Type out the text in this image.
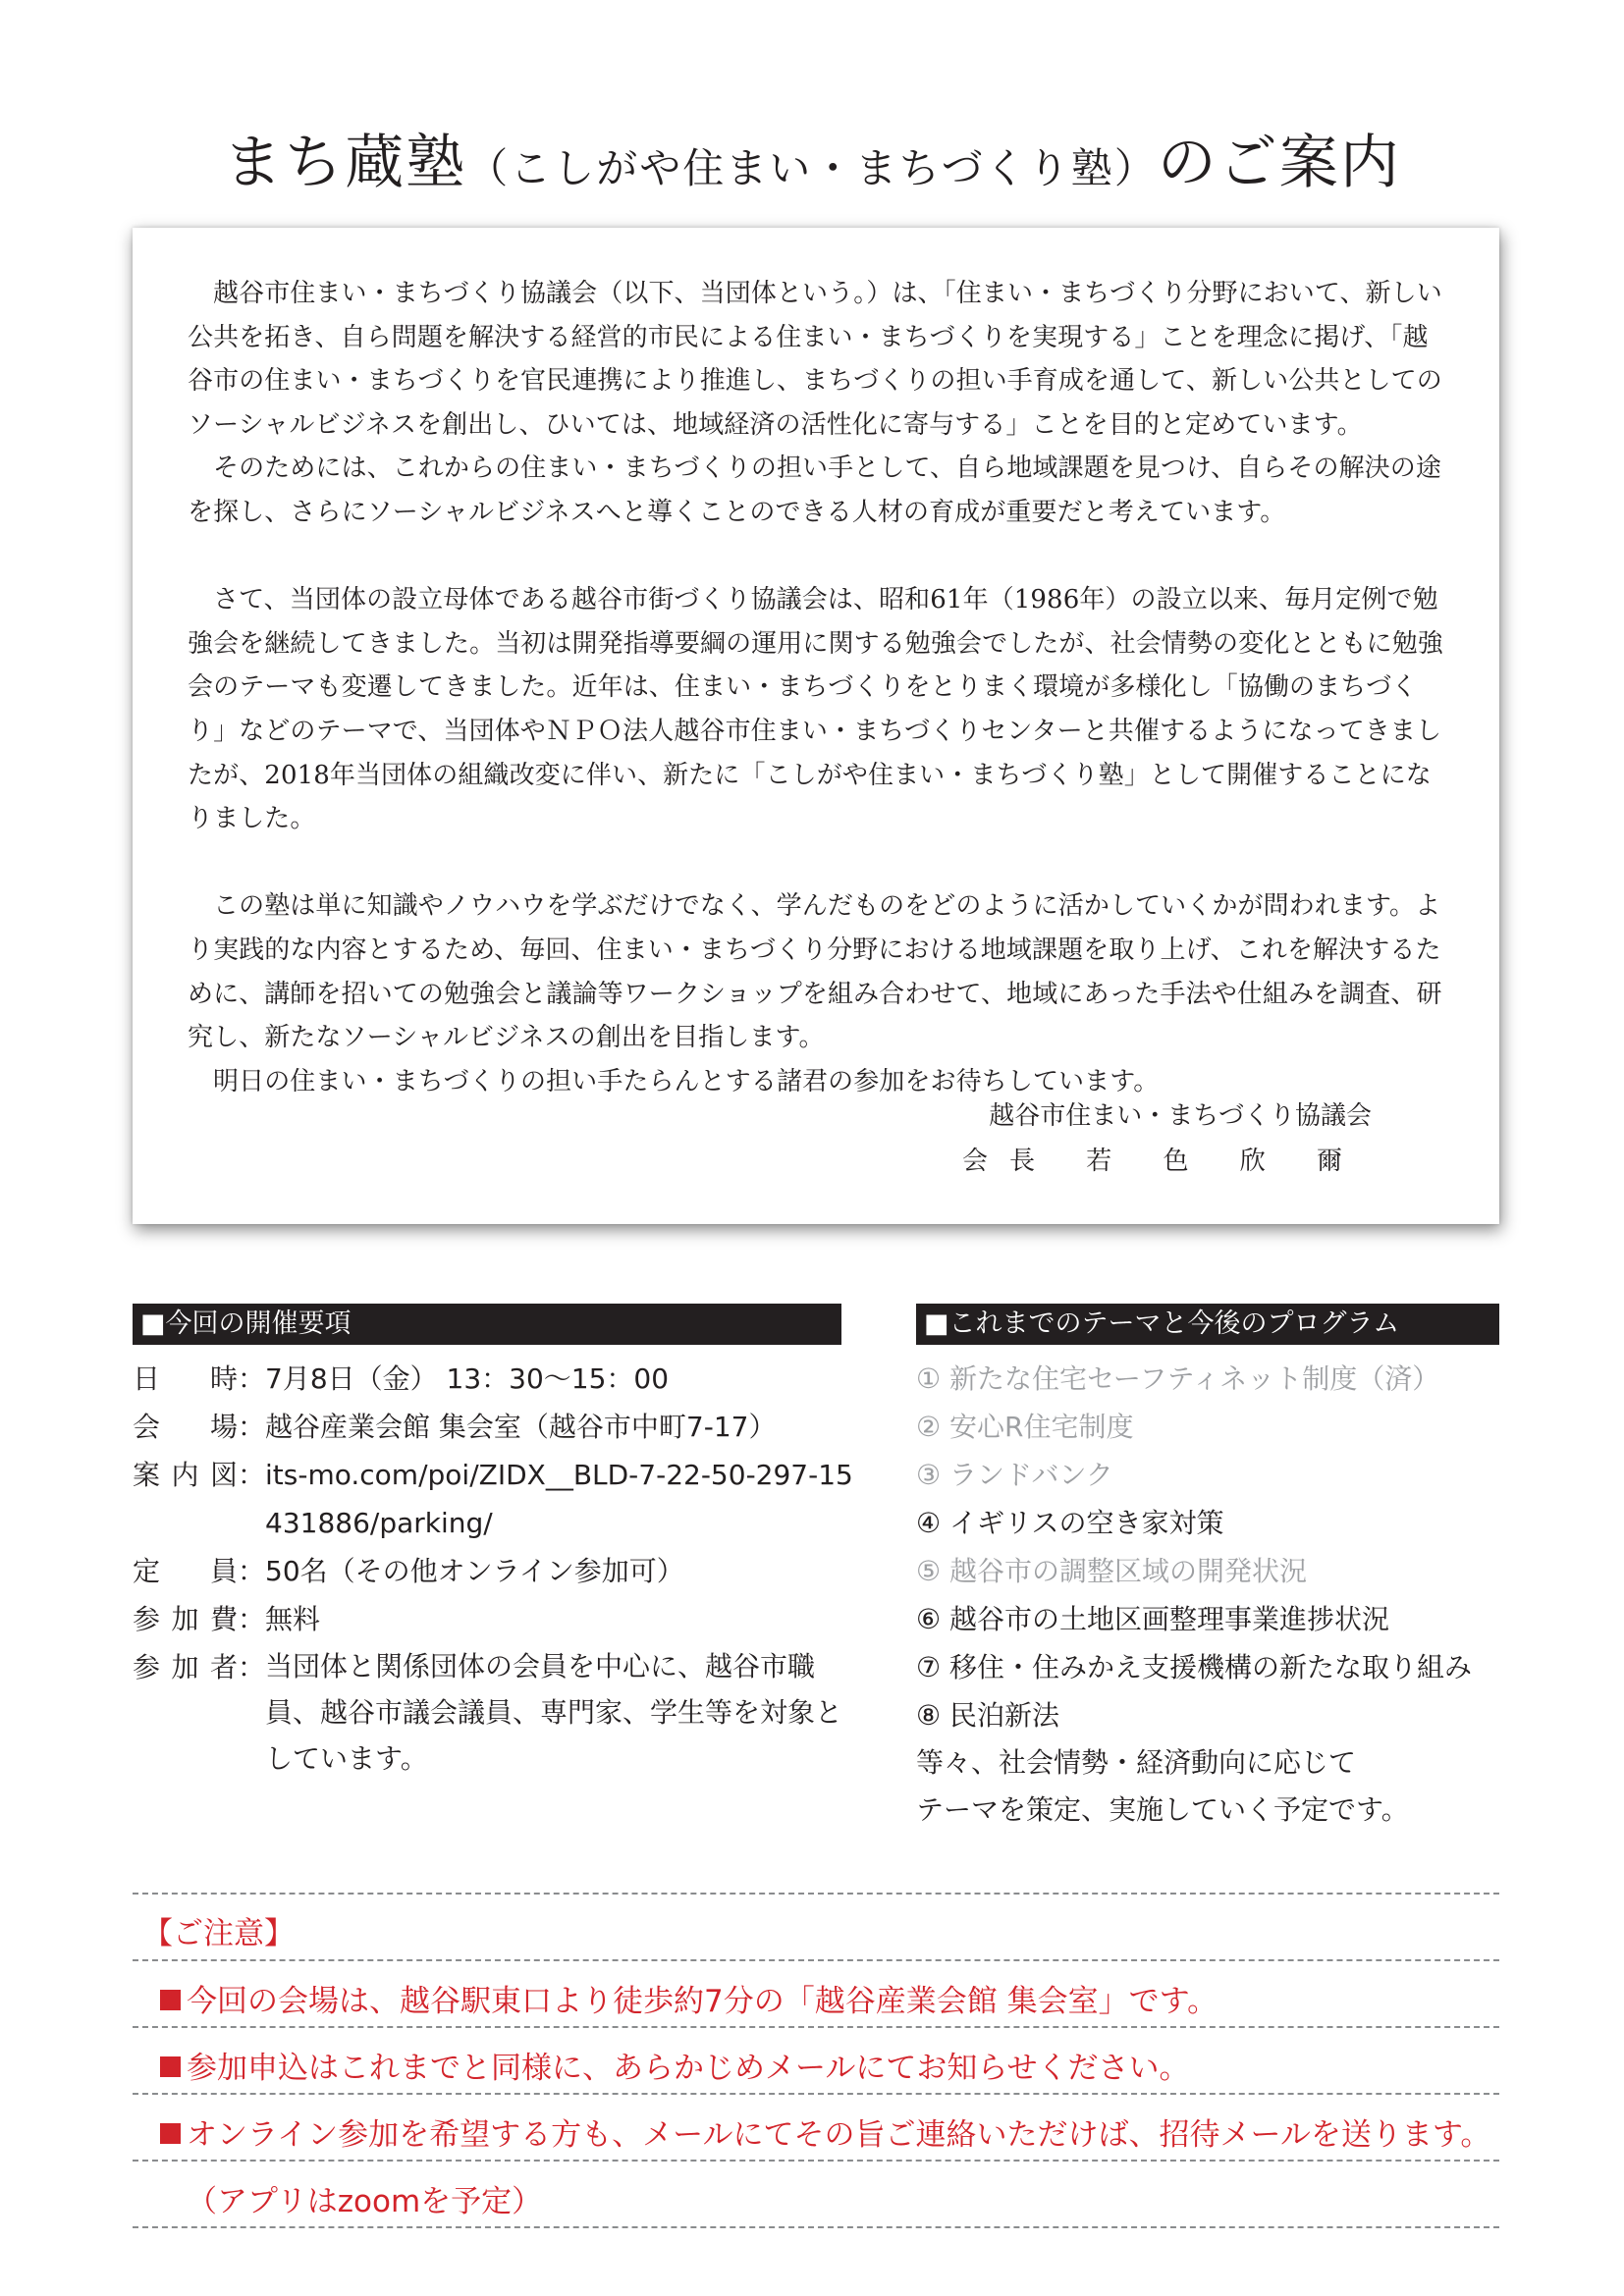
まち蔵塾（こしがや住まい・まちづくり塾）のご案内

越谷市住まい・まちづくり協議会（以下、当団体という。）は、「住まい・まちづくり分野において、新しい公共を拓き、自ら問題を解決する経営的市民による住まい・まちづくりを実現する」ことを理念に掲げ、「越谷市の住まい・まちづくりを官民連携により推進し、まちづくりの担い手育成を通して、新しい公共としてのソーシャルビジネスを創出し、ひいては、地域経済の活性化に寄与する」ことを目的と定めています。

そのためには、これからの住まい・まちづくりの担い手として、自ら地域課題を見つけ、自らその解決の途を探し、さらにソーシャルビジネスへと導くことのできる人材の育成が重要だと考えています。

さて、当団体の設立母体である越谷市街づくり協議会は、昭和61年（1986年）の設立以来、毎月定例で勉強会を継続してきました。当初は開発指導要綱の運用に関する勉強会でしたが、社会情勢の変化とともに勉強会のテーマも変遷してきました。近年は、住まい・まちづくりをとりまく環境が多様化し「協働のまちづくり」などのテーマで、当団体やＮＰＯ法人越谷市住まい・まちづくりセンターと共催するようになってきましたが、2018年当団体の組織改変に伴い、新たに「こしがや住まい・まちづくり塾」として開催することになりました。

この塾は単に知識やノウハウを学ぶだけでなく、学んだものをどのように活かしていくかが問われます。より実践的な内容とするため、毎回、住まい・まちづくり分野における地域課題を取り上げ、これを解決するために、講師を招いての勉強会と議論等ワークショップを組み合わせて、地域にあった手法や仕組みを調査、研究し、新たなソーシャルビジネスの創出を目指します。

明日の住まい・まちづくりの担い手たらんとする諸君の参加をお待ちしています。

越谷市住まい・まちづくり協議会
会長 若 色 欣 爾
■今回の開催要項	■これまでのテーマと今後のプログラム
日時 ： 7月8日（金） 13：30～15：00
会場 ： 越谷産業会館 集会室（越谷市中町7-17）
案内図 ： its-mo.com/poi/ZIDX__BLD-7-22-50-297-15431886/parking/
定員 ： 50名（その他オンライン参加可）
参加費 ： 無料
参加者 ： 当団体と関係団体の会員を中心に、越谷市職員、越谷市議会議員、専門家、学生等を対象としています。
① 新たな住宅セーフティネット制度（済）
② 安心R住宅制度
③ ランドバンク
④ イギリスの空き家対策
⑤ 越谷市の調整区域の開発状況
⑥ 越谷市の土地区画整理事業進捗状況
⑦ 移住・住みかえ支援機構の新たな取り組み
⑧ 民泊新法
等々、社会情勢・経済動向に応じて
テーマを策定、実施していく予定です。
【ご注意】
今回の会場は、越谷駅東口より徒歩約7分の「越谷産業会館 集会室」です。
参加申込はこれまでと同様に、あらかじめメールにてお知らせください。
オンライン参加を希望する方も、メールにてその旨ご連絡いただけば、招待メールを送ります。
（アプリはzoomを予定）
